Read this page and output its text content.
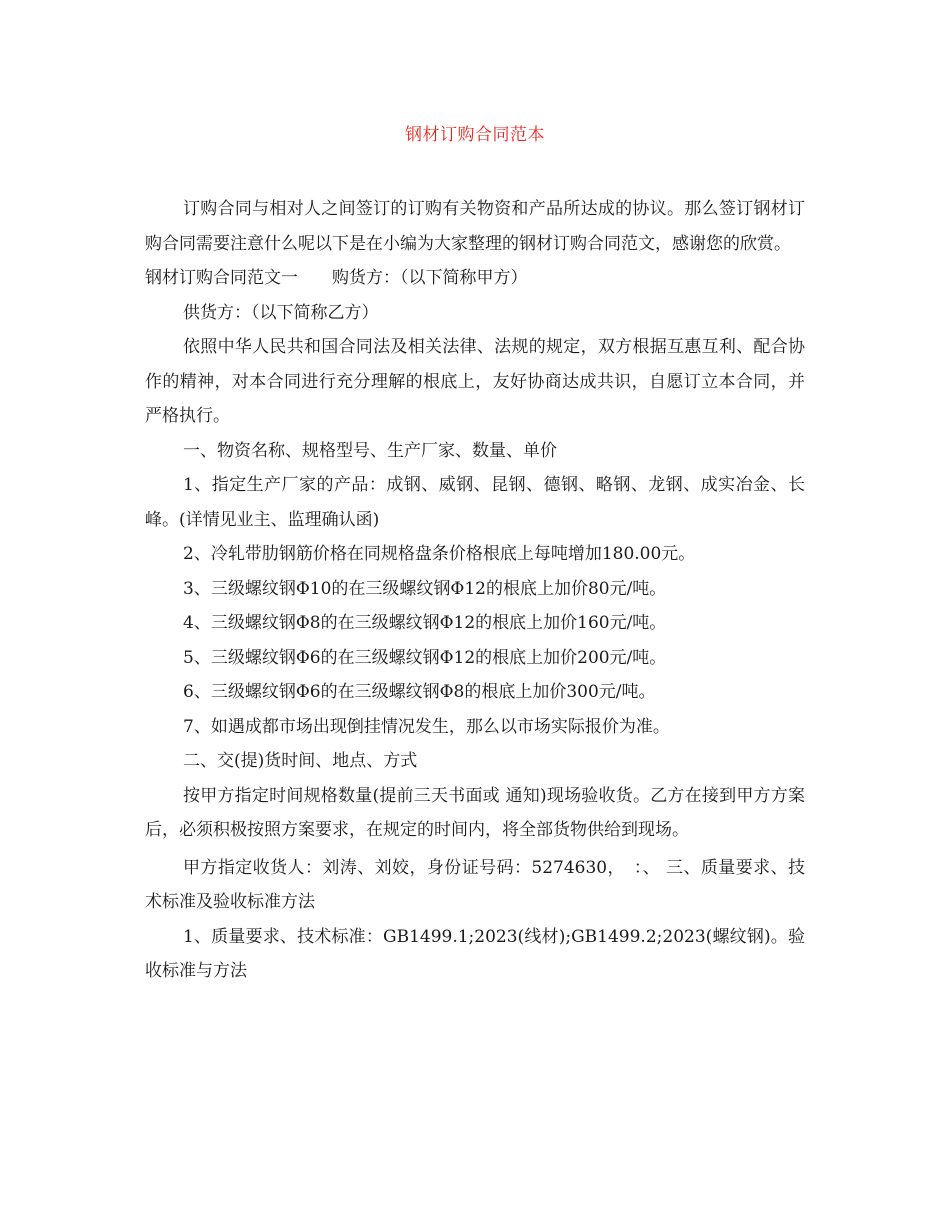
钢材订购合同范本

订购合同与相对人之间签订的订购有关物资和产品所达成的协议。那么签订钢材订购合同需要注意什么呢以下是在小编为大家整理的钢材订购合同范文，感谢您的欣赏。

钢材订购合同范文一　　购货方：（以下简称甲方）

供货方：（以下简称乙方）

依照中华人民共和国合同法及相关法律、法规的规定，双方根据互惠互利、配合协作的精神，对本合同进行充分理解的根底上，友好协商达成共识，自愿订立本合同，并严格执行。

一、物资名称、规格型号、生产厂家、数量、单价

1、指定生产厂家的产品：成钢、威钢、昆钢、德钢、略钢、龙钢、成实冶金、长峰。(详情见业主、监理确认函)

2、冷轧带肋钢筋价格在同规格盘条价格根底上每吨增加180.00元。

3、三级螺纹钢Φ10的在三级螺纹钢Φ12的根底上加价80元/吨。

4、三级螺纹钢Φ8的在三级螺纹钢Φ12的根底上加价160元/吨。

5、三级螺纹钢Φ6的在三级螺纹钢Φ12的根底上加价200元/吨。

6、三级螺纹钢Φ6的在三级螺纹钢Φ8的根底上加价300元/吨。

7、如遇成都市场出现倒挂情况发生，那么以市场实际报价为准。

二、交(提)货时间、地点、方式

按甲方指定时间规格数量(提前三天书面或 通知)现场验收货。乙方在接到甲方方案后，必须积极按照方案要求，在规定的时间内，将全部货物供给到现场。

甲方指定收货人：刘涛、刘姣，身份证号码：5274630，　：、 三、质量要求、技术标准及验收标准方法

1、质量要求、技术标准：GB1499.1;2023(线材);GB1499.2;2023(螺纹钢)。验收标准与方法
